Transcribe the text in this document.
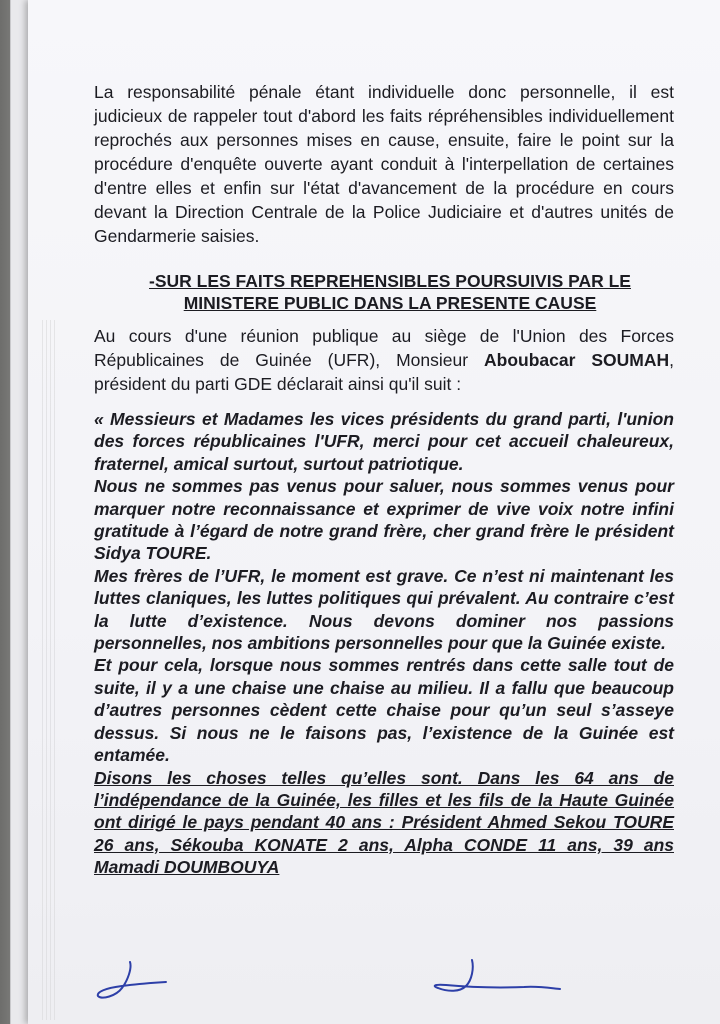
La responsabilité pénale étant individuelle donc personnelle, il est judicieux de rappeler tout d'abord les faits répréhensibles individuellement reprochés aux personnes mises en cause, ensuite, faire le point sur la procédure d'enquête ouverte ayant conduit à l'interpellation de certaines d'entre elles et enfin sur l'état d'avancement de la procédure en cours devant la Direction Centrale de la Police Judiciaire et d'autres unités de Gendarmerie saisies.

-SUR LES FAITS REPREHENSIBLES POURSUIVIS PAR LE
MINISTERE PUBLIC DANS LA PRESENTE CAUSE

Au cours d'une réunion publique au siège de l'Union des Forces Républicaines de Guinée (UFR), Monsieur Aboubacar SOUMAH, président du parti GDE déclarait ainsi qu'il suit :

« Messieurs et Madames les vices présidents du grand parti, l'union des forces républicaines l'UFR, merci pour cet accueil chaleureux, fraternel, amical surtout, surtout patriotique.

Nous ne sommes pas venus pour saluer, nous sommes venus pour marquer notre reconnaissance et exprimer de vive voix notre infini gratitude à l’égard de notre grand frère, cher grand frère le président Sidya TOURE.

Mes frères de l’UFR, le moment est grave. Ce n’est ni maintenant les luttes claniques, les luttes politiques qui prévalent. Au contraire c’est la lutte d’existence. Nous devons dominer nos passions personnelles, nos ambitions personnelles pour que la Guinée existe.

Et pour cela, lorsque nous sommes rentrés dans cette salle tout de suite, il y a une chaise une chaise au milieu. Il a fallu que beaucoup d’autres personnes cèdent cette chaise pour qu’un seul s’asseye dessus. Si nous ne le faisons pas, l’existence de la Guinée est entamée.

Disons les choses telles qu’elles sont. Dans les 64 ans de l’indépendance de la Guinée, les filles et les fils de la Haute Guinée ont dirigé le pays pendant 40 ans : Président Ahmed Sekou TOURE 26 ans, Sékouba KONATE 2 ans, Alpha CONDE 11 ans, 39 ans Mamadi DOUMBOUYA
